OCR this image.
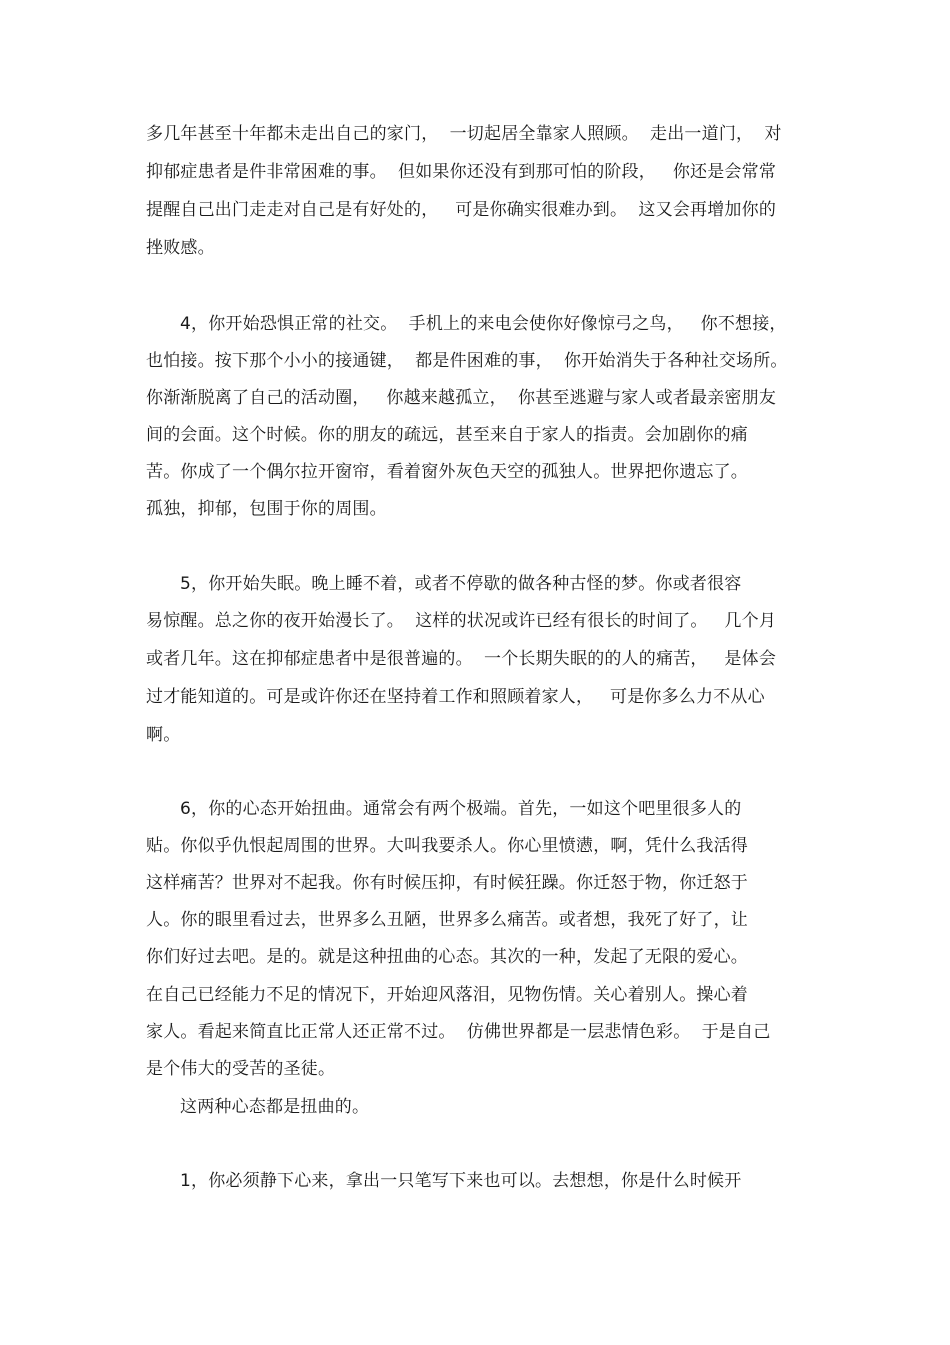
多几年甚至十年都未走出自己的家门，  一切起居全靠家人照顾。  走出一道门，  对
抑郁症患者是件非常困难的事。  但如果你还没有到那可怕的阶段，   你还是会常常
提醒自己出门走走对自己是有好处的，   可是你确实很难办到。  这又会再增加你的
挫败感。
4，你开始恐惧正常的社交。  手机上的来电会使你好像惊弓之鸟，   你不想接，
也怕接。按下那个小小的接通键，  都是件困难的事，  你开始消失于各种社交场所。
你渐渐脱离了自己的活动圈，   你越来越孤立，  你甚至逃避与家人或者最亲密朋友
间的会面。这个时候。你的朋友的疏远，甚至来自于家人的指责。会加剧你的痛
苦。你成了一个偶尔拉开窗帘，看着窗外灰色天空的孤独人。世界把你遗忘了。
孤独，抑郁，包围于你的周围。
5，你开始失眠。晚上睡不着，或者不停歇的做各种古怪的梦。你或者很容
易惊醒。总之你的夜开始漫长了。  这样的状况或许已经有很长的时间了。   几个月
或者几年。这在抑郁症患者中是很普遍的。  一个长期失眠的的人的痛苦，   是体会
过才能知道的。可是或许你还在坚持着工作和照顾着家人，   可是你多么力不从心
啊。
6，你的心态开始扭曲。通常会有两个极端。首先，一如这个吧里很多人的
贴。你似乎仇恨起周围的世界。大叫我要杀人。你心里愤懑，啊，凭什么我活得
这样痛苦？世界对不起我。你有时候压抑，有时候狂躁。你迁怒于物，你迁怒于
人。你的眼里看过去，世界多么丑陋，世界多么痛苦。或者想，我死了好了，让
你们好过去吧。是的。就是这种扭曲的心态。其次的一种，发起了无限的爱心。
在自己已经能力不足的情况下，开始迎风落泪，见物伤情。关心着别人。操心着
家人。看起来简直比正常人还正常不过。  仿佛世界都是一层悲情色彩。  于是自己
是个伟大的受苦的圣徒。
这两种心态都是扭曲的。
1，你必须静下心来，拿出一只笔写下来也可以。去想想，你是什么时候开
